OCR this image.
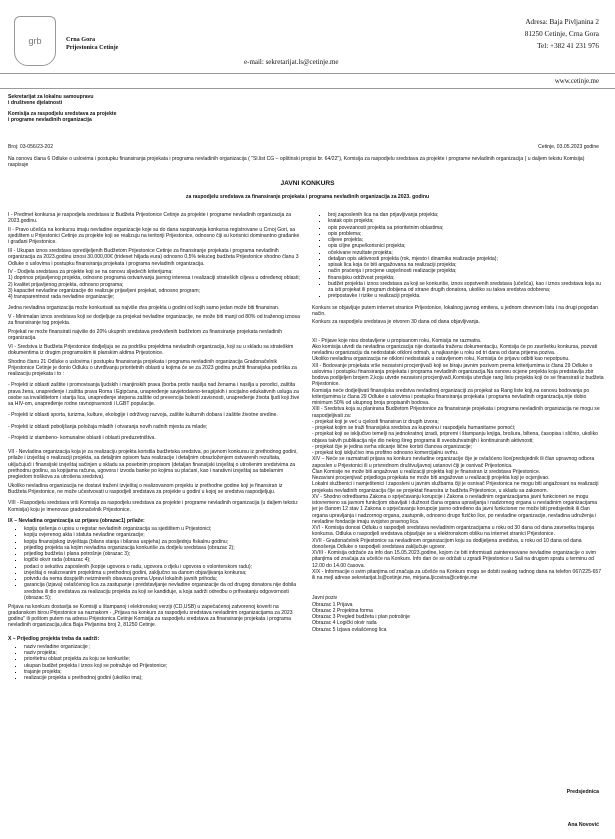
grb	Crna Gora
Prijestonica Cetinje
e-mail: sekretarijat.ls@cetinje.me
Adresa: Baja Pivljanina 2
81250 Cetinje, Crna Gora
Tel: +382 41 231 976
www.cetinje.me
Sekretarijat za lokalnu samoupravu
i društvene djelatnosti
Komisija za raspodjelu sredstava za projekte
i programe nevladinih organizacija
Broj: 03-056/23-202	Cetinje, 03.05.2023 godine
Na osnovu člana 6 Odluke o uslovima i postupku finansiranja projekata i programa nevladinih organizacija ( "Sl.list CG – opštinski propisi br. 64/22"), Komisija za raspodjelu sredstava za projekte i programe nevladinih organizacija ( u daljem tekstu Komisija) raspisuje
JAVNI KONKURS
za raspodjelu sredstava za finansiranje projekata i programa nevladinih organizacija za 2023. godinu

I - Predmet konkursa je raspodjela sredstava iz Budžeta Prijestonice Cetinje za projekte i programe nevladinih organizacija za 2023.godinu.

II - Pravo učešća na konkursu imaju nevladine organizacije koje su do dana raspisivanja konkursa registrovane u Crnoj Gori, sa sjedištem u Prijestonici Cetinje za projekte koji se realizuju na teritoriji Prijestonice, odnosno čiji su korisnici dominantno građanke i građani Prijestonice.

III - Ukupan iznos sredstava opredijeljenih Budžetom Prijestonice Cetinje za finansiranje projekata i programa nevladinih organizacija za 2023.godinu iznosi 30.000,00€ (trideset hiljada eura) odnosno 0,5% tekućeg budžeta Prijestonice shodno članu 3 Odluke o uslovima i postupku finansiranja projekata i programa nevladinih organizacija.

IV - Dodjela sredstava za projekte koji se na osnovu sljedećih kriterijuma:
1) doprinos prijavljenog projekta, odnosno programa ostvarivanju javnog interesa i realizaciji strateških ciljeva u određenoj oblasti;
2) kvalitet prijavljenog projekta, odnosno programa;
3) kapacitet nevladine organizacije do realizuje prijavljeni projekat, odnosno program;
4) transparentnost rada nevladine organizacije;

Jedna nevladina organizacija može konkurisati sa najviše dva projekta u godini od kojih samo jedan može biti finansiran.

V - Minimalan iznos sredstava koji se dodjeljuje za projekat nevladine organizacije, ne može biti manji od 80% od traženog iznosa za finansiranje tog projekta.

Projekat ne može finansirati najviše do 20% ukupnih sredstava predviđenih budžetom za finansiranje projekata nevladinih organizacija.

VI - Sredstva iz Budžeta Prijestonice dodjeljuju se za podršku projektima nevladinih organizacija, koji su u skladu sa strateškim dokumentima iz drugim programskim iii planskim aktima Prijestonice.

Shodno članu 21 Odluke o uslovima i postupku finansiranja projekata i programa nevladinih organizacija Gradonačelnik Prijestonice Cetinje je donio Odluku o utvrđivanju prioritetnih oblasti u kojima će se za 2023 godinu pružiti finansijska podrška za realizaciju projekata i to :

- Projekti iz oblasti zaštite i promovisanja ljudskih i manjinskih prava (borba protiv nasilja nad ženama i nasilja u porodici, zaštita prava žena, unapređenje i zaštita prava Roma i Egipćana, unapređenje savjetodavno-terapijskih i socijalno edukativnih usluga za osobe sa invaliditetom i starija lica, unapređenje stepena zaštite od prevencija bolesti zavisnosti, unapređenje života ljudi koji žive sa HIV-om, unapređenje rodne ravnopravnosti i LGBT populacije.

- Projekti iz oblasti sporta, turizma, kulture, ekologije i održivog razvoja, zaštite kulturnih dobara i zaštite životne sredine.

- Projekti iz oblasti poboljšanja položaja mladih i otvaranja novih radnih mjesta za mlade;

- Projekti iz stambeno- komunalne oblasti i oblasti preduzetništva.

VII - Nevladina organizacija koja je za realizaciju projekta koristila budžetska sredstva, po javnom konkursu iz prethodnog godini, prilaže i izvještaj o realizaciji projekta, sa detaljnim opisom faza realizacije i detaljnim obrazloženjem ostvarenih rezultata, uključujući i finansijski izvještaj sačinjen u skladu sa posebnim propisom (detaljan finansijski izvještaj o utrošenim sredstvima za prethodnu godinu, sa kopijama računa, ugovora i izvoda banke po kojima su plaćani, kao i narativni izvještaj sa tabelarnim pregledom troškova za utrošena sredstva).

Ukoliko nevladina organizacija ne dostavi tražení izvještaj o realizovanom projektu iz prethodne godine koji je finansiran iz Budžeta Prijestonice, ne može učestvovati u raspodjeli sredstava za projekte u godini u kojoj se sredstva raspodjeljuju.

VIII - Raspodjelu sredstava vrši Komisija za raspodjelu sredstava za projekte i programe nevladinih organizacija (u daljem tekstu: Komisija) koju je imenovao gradonačelnik Prijestonice.

IX – Nevladina organizacija uz prijavu (obrazac1) prilaže:
▪ kopiju rješenja o upisu u registar nevladinih organizacija sa sjedištem u Prijestonici;
▪ kopiju ovjerenog akta i statuta nevladine organizacije;
▪ kopiju finansijskog izvještaja (bilans stanja i bilansa uspjeha) za posljednju fiskalnu godinu;
▪ prijedlog projekta sa kojim nevladina organizacija konkuriše za dodjelu sredstava (obrazac 2);
▪ prijedlog budžeta i plana potrošnje (obrazac 3);
▪ logički okvir rada (obrazac 4);
▪ podaci o sekutivu zaposlenih (kopije ugovora o radu, ugovora o djelu i ugovora o volonterskom radu);
▪ izvještaj o realizovanim projektima u prethodnoj godini, zaključno sa danom objavljivanja konkursa;
▪ potvrdu da nema dospjelih neizmirenih obaveza prema Upravi lokalnih javnih prihoda;
▪ garancija (izjava) ovlašćenog lica za zastupanje i predstavljanje nevladine organizacije da od drugog donatora nije dobila sredstva ili dio sredstava za realizaciju projekta za koji se kandiduje, a koja sadrži odredbu o prihvatanju odgovornosti (obrazac 5);

Prijava na konkurs dostavlja se Komisiji u štampanoj i elektronskoj verziji (CD,USB) u zapečaćenoj zatvorenoj koverti na gradanskom birou Prijestonice sa naznakom - „Prijava na konkurs za raspodjelu sredstava nevladinim organizacijama za 2023 godinu" ili poštom putem na adresu Prijestonica Cetinje Komisija za raspodjelu sredstava za finansiranje projekata i programa nevladinih organizacija,ulica Baja Pivljanina broj 2, 81250 Cetinje.

X – Prijedlog projekta treba da sadrži:
▪ naziv nevladine organizacije ;
▪ naziv projekta;
▪ prioritetnu oblast projekta za koju se konkuriše;
▪ ukupan budžet projekta i iznos koji se potražuje od Prijestonice;
▪ trajanje projekta;
▪ realizacije projekta u prethodnoj godini (ukoliko ima);
▪ broj zaposlenih lica na dan prijavljivanja projekta;
▪ kratak opis projekta;
▪ opis povezanosti projekta sa prioritetnim oblastima;
▪ opis problema;
▪ ciljeve projekta;
▪ opis ciljne grupe/korisnici projekta;
▪ očekivane rezultate projekta;
▪ detaljan opis aktivnosti projekta (rok, mjesto i dinamika realizacije projekta);
▪ spisak lica koja će biti angažovana na realizaciji projekta;
▪ način praćenja i procjene uspješnosti realizacije projekta;
▪ finansijsku održivost projekta;
▪ budžet projekta i iznos sredstava za koji se konkuriše, iznos sopstvenih sredstava (učešća), kao i iznos sredstava koja su za isti projekat ili program dobijena od strane drugih donatora, ukoliko su takva sredstva odobrena;
▪ pretpostavke i rizike u realizaciji projekta.

Konkurs se objavljuje putem internet stranice Prijestonice, lokalnog javnog emitera, u jednom dnevnom listu i na drugi pogodan način.

Konkurs za raspodjelu sredstava je otvoren 30 dana od dana objavljivanja.

XI - Prijave koje nisu dostavljene u propisanom roku, Komisija ne razmatra.
Ako komisija utvrdi da nevladina organizacija nije dostavila traženu dokumentaciju, Komisija će po završetku konkursa, pozvati nevladinu organizaciju da nedostatak otkloni odmah, a najkasnije u roku od tri dana od dana prijema poziva.
Ukoliko nevladina organizacija ne otkloni nedostatak u ostavljenom roku, Komisija će prijavu odbiti kao nepotpunu.
XII - Bodovanje projekata vrše nezavisni procjenjivači koji se biraju javnim pozivom prema kriterijumima iz člana 29 Odluke o uslovima i postupku finansiranja projekata i programa nevladinih organizacija.Na osnovu ocjene projekta koja predstavlja zbir bodova podijeljen brojem 2,koju utvrde nezavisni procjenjivači,Komisija utvrđuje rang listu projekta koji će se finansirati iz budžeta Prijestonice.
Komisija neće dodjeljivati finansijska sredstva nevladinoj organizaciji za projekat sa Rang liste koji,na osnovu bodovanja po kriterijumima iz člana 29 Odluke o uslovima i postupku finansiranja projekata i programa nevladinih organizacija,nije dobio minimum 50% od ukupnog broja propisanih bodova.
XIII - Sredstva koja su planirana Budžetom Prijestonice za finansiranje projekata i programa nevladinih organizacija ne mogu se raspodjeljivati za:
- projekat koji je već u cjelosti finansiran iz drugih izvora;
- projekat kojim se traži finansijska sredstva za kupovinu i raspodjelu humanitarne pomoći;
- projekat koji se isključivo temelji na jednokratnoj izradi, pripremi i štampanju knjiga, brošura, biltena, časopisa i sličnio, ukoliko objava takvih publikacija nije dio nekog šireg programa ili sveobuhvatnijih i kontinuiranih aktivnosti;
- projekat čije je jedina svrha sticanje liične koristi članova organizacije;
- projekat koji isključivo ima profitno odnosno komercijalnu svrhu.
XIV – Neće se razmatrati prijava na konkurs nevladine organizacije čije je ovlašćeno lice(predsjednik ili član upravnog odbora zaposlen u Prijestonici ili u privrednom društvu/javnoj ustanovi čiji je osnivač Prijestonica.
Član Komisije ne može biti angažovan u realizaciji projekta koji je finansiran iz sredstava Prijestonice.
Nezavisni procjenjivač prijedloga projekata ne može biti angažovan u realizaciji projekta koji je ocjenjivao.
Lokalni službenici i namještenici i zaposleni u javnim službama čiji je osnivač Prijestonica ne mogu biti angažovani na realizaciji projekata nevladinih organizacija čije se projektat finansira iz budžeta Prijestonice, u skladu sa zakonom.
XV - Shodno odredbama Zakona o sprječavanju korupcije i Zakona o nevladinim organizacijama javni funkcioneri ne mogu istovremeno sa javnom funkcijom obavljati i dužnost člana organa upravljanja i nadzornog organa u nevladinim organizacijama jer je članom 12 stav 1 Zakona o sprječavanju korupcije javno određeno da javni funkcioner ne može biti predsjednik ili član organa upravljanja i nadzornog organa, zastupnik, odnosno drugo fizičko lice, po nevladine organizacije, nevladina udruženja i nevladine fondacije imaju svojstvo pravnog lica.
XVI - Komisija donosi Odluku o raspodjeli sredstava nevladinim organizacijama u roku od 30 dana od dana zavrsetka trajanja konkursa. Odluka o raspodjeli sredstava objavljuje se u elektronskom obliku na internet stranici Prijestonice.
XVII - Gradonačelnik Prijestonice sa nevladinom organizacijom koju su dodijeljena sredstva, u roku od 10 dana od dana donošenja Odluke o raspodjeli sredstava zaključuje ugovor.
XVIII - Komisija održaće za info dan 15.05.2023.godine, kojom će biti informisati zainteresovane nevladine organizacije o svim pitanjima od značaja za učešće na Konkurs. Info dan će se održati u zgradi Prijestonice u Sali na drugom spratu u terminu od 12.00 do 14.00 časova.
XIX - Informacije o svim pitanjima od značaja za učešće na Konkurs mogu se dobiti svakog radnog dana na telefon 067/225-657 ili na mejl adrese sekretarijat.ls@cetinje.me, mirjana.ljicovina@cetinje.me
Javni poziv
Obrazac 1 Prijava
Obrazac 2 Projektna forma
Obrazac 3 Pregled budžeta i plan potrošnje
Obrazac 4 Logički okvir rada
Obrazac 5 Izjava ovlašćenog lica
Predsjednica
Ana Novović
